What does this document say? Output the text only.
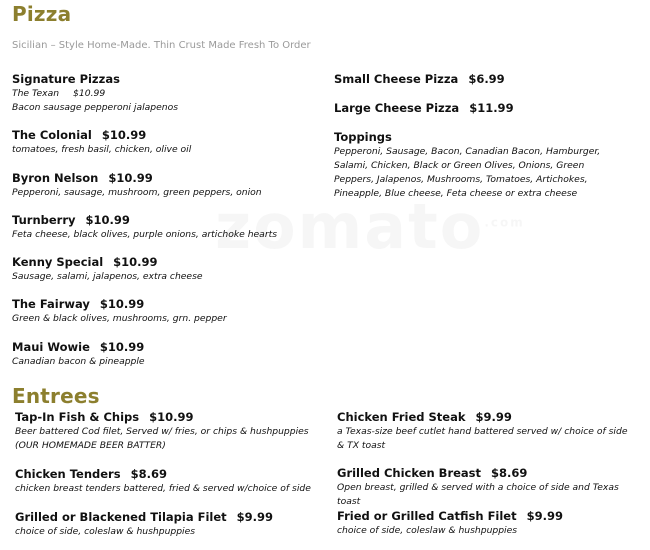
Pizza
Sicilian – Style Home-Made. Thin Crust Made Fresh To Order
Signature Pizzas
The Texan $10.99
Bacon sausage pepperoni jalapenos
The Colonial $10.99
tomatoes, fresh basil, chicken, olive oil
Byron Nelson $10.99
Pepperoni, sausage, mushroom, green peppers, onion
Turnberry $10.99
Feta cheese, black olives, purple onions, artichoke hearts
Kenny Special $10.99
Sausage, salami, jalapenos, extra cheese
The Fairway $10.99
Green & black olives, mushrooms, grn. pepper
Maui Wowie $10.99
Canadian bacon & pineapple
Small Cheese Pizza $6.99
Large Cheese Pizza $11.99
Toppings
Pepperoni, Sausage, Bacon, Canadian Bacon, Hamburger, Salami, Chicken, Black or Green Olives, Onions, Green Peppers, Jalapenos, Mushrooms, Tomatoes, Artichokes, Pineapple, Blue cheese, Feta cheese or extra cheese
Entrees
Tap-In Fish & Chips $10.99
Beer battered Cod filet, Served w/ fries, or chips & hushpuppies (OUR HOMEMADE BEER BATTER)
Chicken Tenders $8.69
chicken breast tenders battered, fried & served w/choice of side
Grilled or Blackened Tilapia Filet $9.99
choice of side, coleslaw & hushpuppies
Chicken Fried Steak $9.99
a Texas-size beef cutlet hand battered served w/ choice of side & TX toast
Grilled Chicken Breast $8.69
Open breast, grilled & served with a choice of side and Texas toast
Fried or Grilled Catfish Filet $9.99
choice of side, coleslaw & hushpuppies
